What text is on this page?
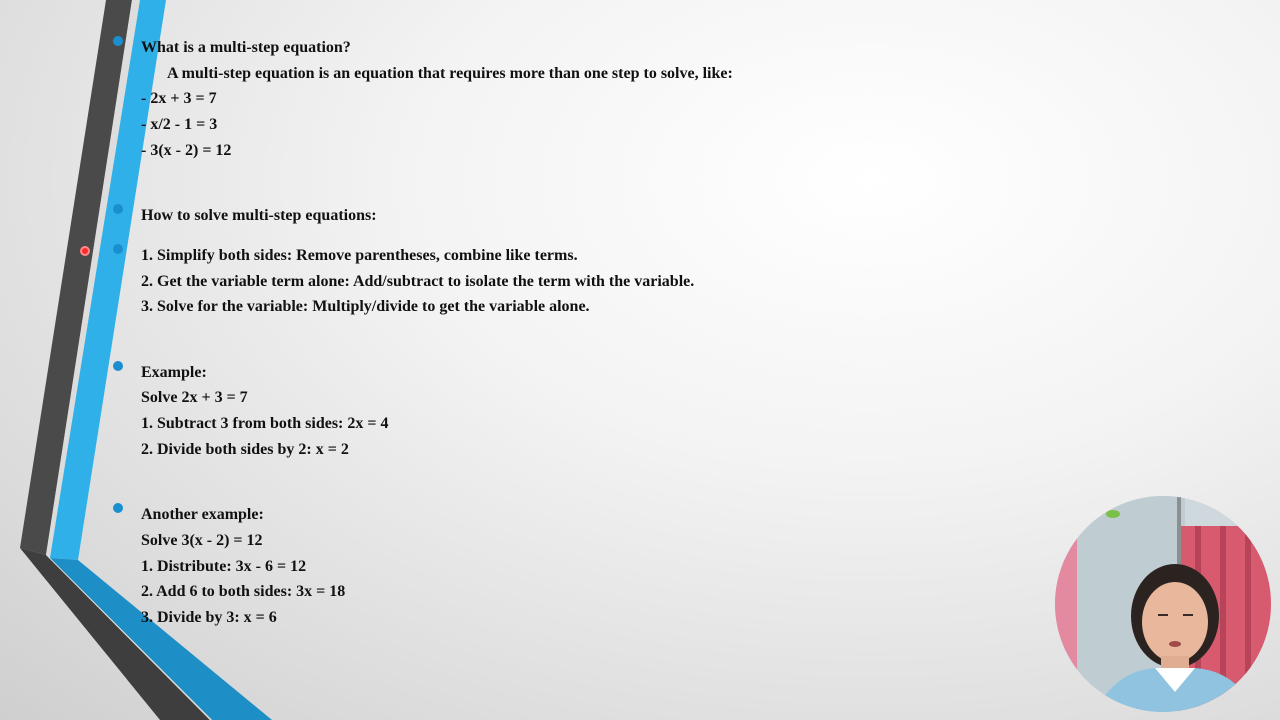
What is a multi-step equation?
A multi-step equation is an equation that requires more than one step to solve, like:
- 2x + 3 = 7
- x/2 - 1 = 3
- 3(x - 2) = 12
How to solve multi-step equations:
1. Simplify both sides: Remove parentheses, combine like terms.
2. Get the variable term alone: Add/subtract to isolate the term with the variable.
3. Solve for the variable: Multiply/divide to get the variable alone.
Example:
Solve 2x + 3 = 7
1. Subtract 3 from both sides: 2x = 4
2. Divide both sides by 2: x = 2
Another example:
Solve 3(x - 2) = 12
1. Distribute: 3x - 6 = 12
2. Add 6 to both sides: 3x = 18
3. Divide by 3: x = 6
